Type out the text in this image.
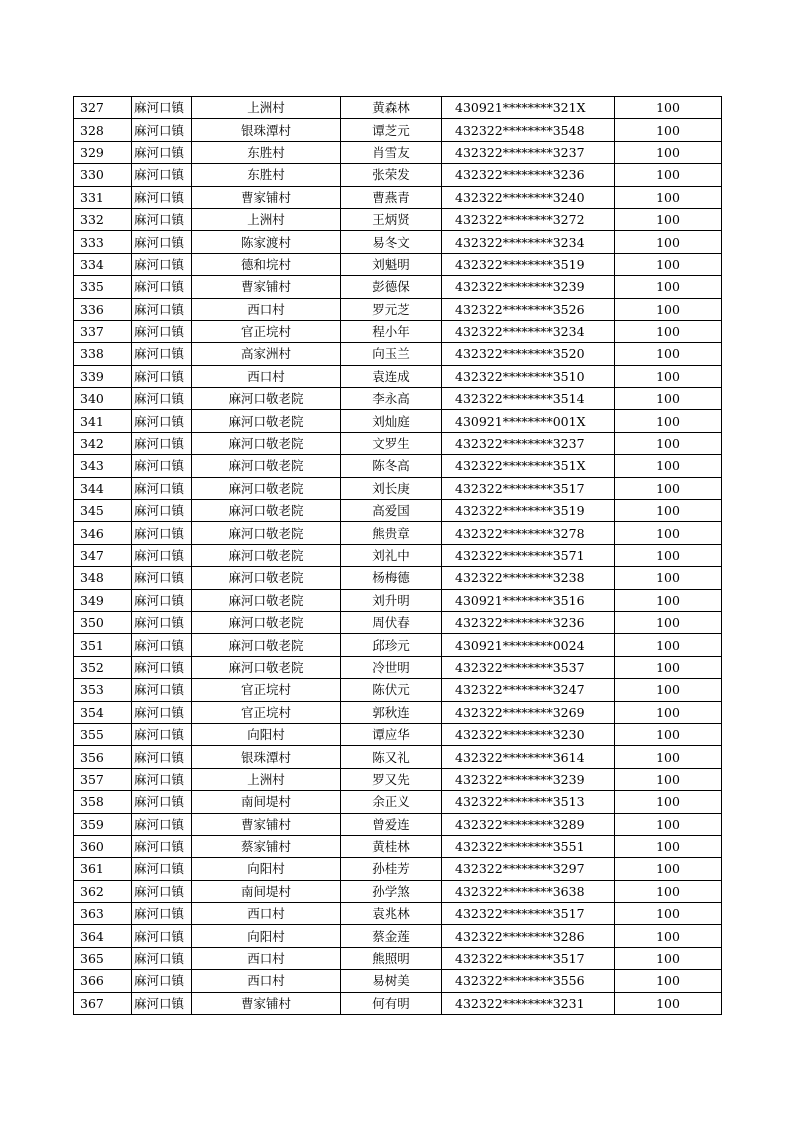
327	麻河口镇	上洲村	黄森林	430921********321X	100
328	麻河口镇	银珠潭村	谭芝元	432322********3548	100
329	麻河口镇	东胜村	肖雪友	432322********3237	100
330	麻河口镇	东胜村	张荣发	432322********3236	100
331	麻河口镇	曹家铺村	曹燕青	432322********3240	100
332	麻河口镇	上洲村	王炳贤	432322********3272	100
333	麻河口镇	陈家渡村	易冬文	432322********3234	100
334	麻河口镇	德和垸村	刘魁明	432322********3519	100
335	麻河口镇	曹家铺村	彭德保	432322********3239	100
336	麻河口镇	西口村	罗元芝	432322********3526	100
337	麻河口镇	官正垸村	程小年	432322********3234	100
338	麻河口镇	高家洲村	向玉兰	432322********3520	100
339	麻河口镇	西口村	袁连成	432322********3510	100
340	麻河口镇	麻河口敬老院	李永高	432322********3514	100
341	麻河口镇	麻河口敬老院	刘灿庭	430921********001X	100
342	麻河口镇	麻河口敬老院	文罗生	432322********3237	100
343	麻河口镇	麻河口敬老院	陈冬高	432322********351X	100
344	麻河口镇	麻河口敬老院	刘长庚	432322********3517	100
345	麻河口镇	麻河口敬老院	高爱国	432322********3519	100
346	麻河口镇	麻河口敬老院	熊贵章	432322********3278	100
347	麻河口镇	麻河口敬老院	刘礼中	432322********3571	100
348	麻河口镇	麻河口敬老院	杨梅德	432322********3238	100
349	麻河口镇	麻河口敬老院	刘升明	430921********3516	100
350	麻河口镇	麻河口敬老院	周伏春	432322********3236	100
351	麻河口镇	麻河口敬老院	邱珍元	430921********0024	100
352	麻河口镇	麻河口敬老院	冷世明	432322********3537	100
353	麻河口镇	官正垸村	陈伏元	432322********3247	100
354	麻河口镇	官正垸村	郭秋连	432322********3269	100
355	麻河口镇	向阳村	谭应华	432322********3230	100
356	麻河口镇	银珠潭村	陈又礼	432322********3614	100
357	麻河口镇	上洲村	罗又先	432322********3239	100
358	麻河口镇	南间堤村	余正义	432322********3513	100
359	麻河口镇	曹家铺村	曾爱连	432322********3289	100
360	麻河口镇	蔡家铺村	黄桂林	432322********3551	100
361	麻河口镇	向阳村	孙桂芳	432322********3297	100
362	麻河口镇	南间堤村	孙学煞	432322********3638	100
363	麻河口镇	西口村	袁兆林	432322********3517	100
364	麻河口镇	向阳村	蔡金莲	432322********3286	100
365	麻河口镇	西口村	熊照明	432322********3517	100
366	麻河口镇	西口村	易树美	432322********3556	100
367	麻河口镇	曹家铺村	何有明	432322********3231	100
